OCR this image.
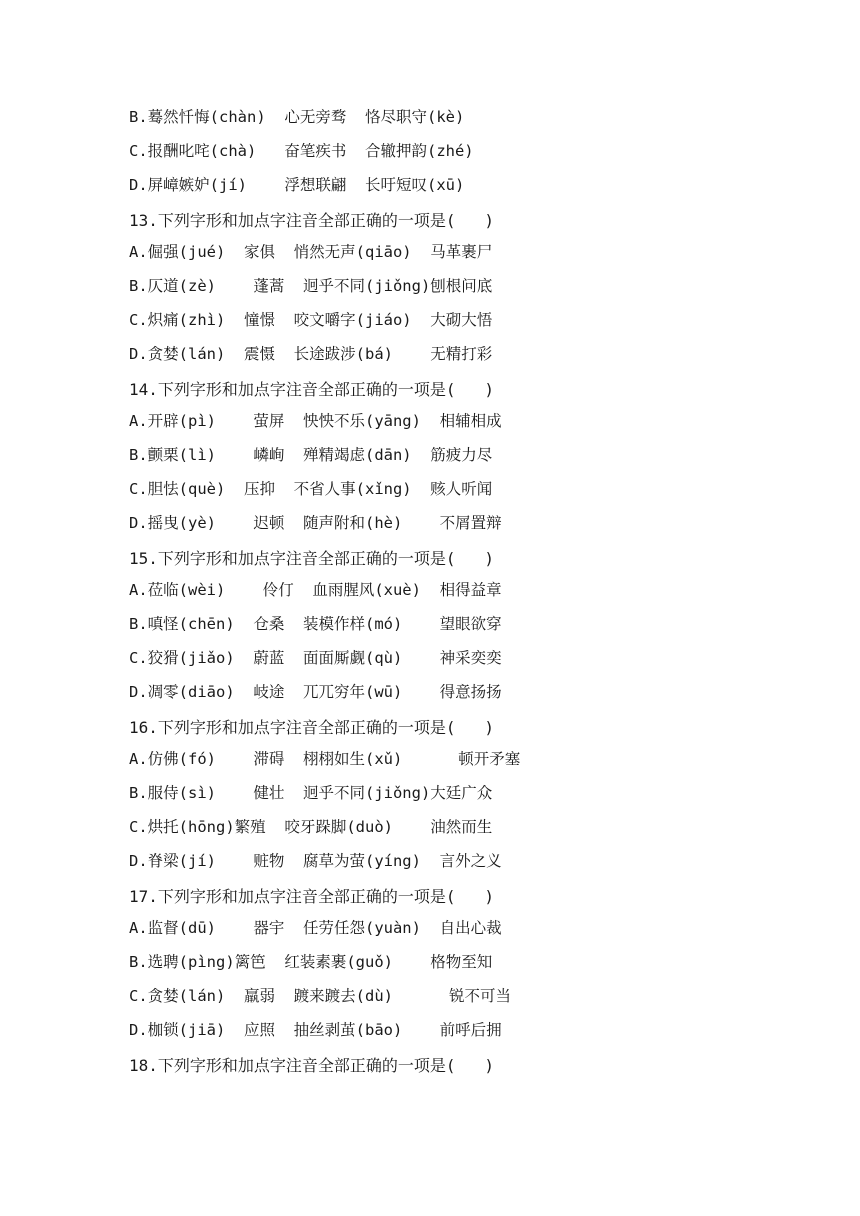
B.蓦然忏悔(chàn)  心无旁骛  恪尽职守(kè)
C.报酬叱咤(chà)   奋笔疾书  合辙押韵(zhé)
D.屏嶂嫉妒(jí)    浮想联翩  长吁短叹(xū)
13.下列字形和加点字注音全部正确的一项是(   )
A.倔强(jué)  家俱  悄然无声(qiāo)  马革裹尸
B.仄道(zè)    蓬蒿  迥乎不同(jiǒng)刨根问底
C.炽痛(zhì)  憧憬  咬文嚼字(jiáo)  大砌大悟
D.贪婪(lán)  震慑  长途跋涉(bá)    无精打彩
14.下列字形和加点字注音全部正确的一项是(   )
A.开辟(pì)    萤屏  怏怏不乐(yāng)  相辅相成
B.颤栗(lì)    嶙峋  殚精竭虑(dān)  筋疲力尽
C.胆怯(què)  压抑  不省人事(xǐng)  赅人听闻
D.摇曳(yè)    迟顿  随声附和(hè)    不屑置辩
15.下列字形和加点字注音全部正确的一项是(   )
A.莅临(wèi)    伶仃  血雨腥风(xuè)  相得益章
B.嗔怪(chēn)  仓桑  装模作样(mó)    望眼欲穿
C.狡猾(jiǎo)  蔚蓝  面面厮觑(qù)    神采奕奕
D.凋零(diāo)  岐途  兀兀穷年(wū)    得意扬扬
16.下列字形和加点字注音全部正确的一项是(   )
A.仿佛(fó)    滞碍  栩栩如生(xǔ)      顿开矛塞
B.服侍(sì)    健壮  迥乎不同(jiǒng)大廷广众
C.烘托(hōng)繁殖  咬牙跺脚(duò)    油然而生
D.脊梁(jí)    赃物  腐草为萤(yíng)  言外之义
17.下列字形和加点字注音全部正确的一项是(   )
A.监督(dū)    器宇  任劳任怨(yuàn)  自出心裁
B.选聘(pìng)篱笆  红装素裹(guǒ)    格物至知
C.贪婪(lán)  羸弱  踱来踱去(dù)      锐不可当
D.枷锁(jiā)  应照  抽丝剥茧(bāo)    前呼后拥
18.下列字形和加点字注音全部正确的一项是(   )
